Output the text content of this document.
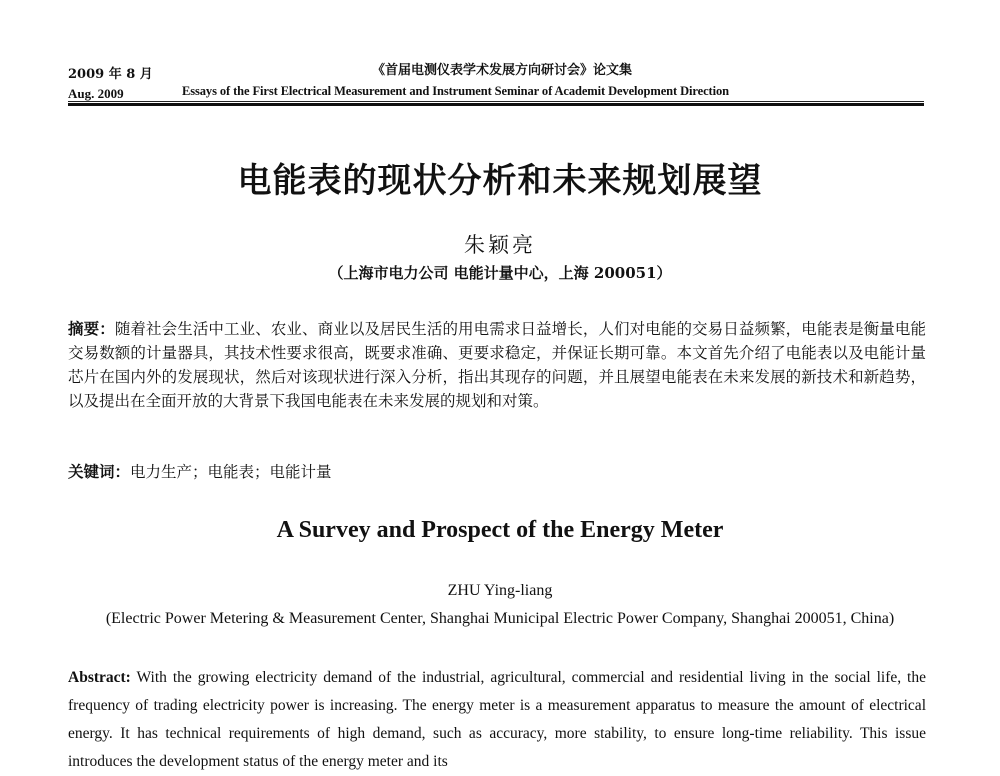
2009 年 8 月
Aug. 2009
《首届电测仪表学术发展方向研讨会》论文集
Essays of the First Electrical Measurement and Instrument Seminar of Academit Development Direction
电能表的现状分析和未来规划展望
朱颖亮
（上海市电力公司 电能计量中心，上海 200051）
摘要：随着社会生活中工业、农业、商业以及居民生活的用电需求日益增长，人们对电能的交易日益频繁，电能表是衡量电能交易数额的计量器具，其技术性要求很高，既要求准确、更要求稳定，并保证长期可靠。本文首先介绍了电能表以及电能计量芯片在国内外的发展现状，然后对该现状进行深入分析，指出其现存的问题，并且展望电能表在未来发展的新技术和新趋势，以及提出在全面开放的大背景下我国电能表在未来发展的规划和对策。
关键词：电力生产；电能表；电能计量
A Survey and Prospect of the Energy Meter
ZHU Ying-liang
(Electric Power Metering & Measurement Center, Shanghai Municipal Electric Power Company, Shanghai 200051, China)
Abstract: With the growing electricity demand of the industrial, agricultural, commercial and residential living in the social life, the frequency of trading electricity power is increasing. The energy meter is a measurement apparatus to measure the amount of electrical energy. It has technical requirements of high demand, such as accuracy, more stability, to ensure long-time reliability. This issue introduces the development status of the energy meter and its
